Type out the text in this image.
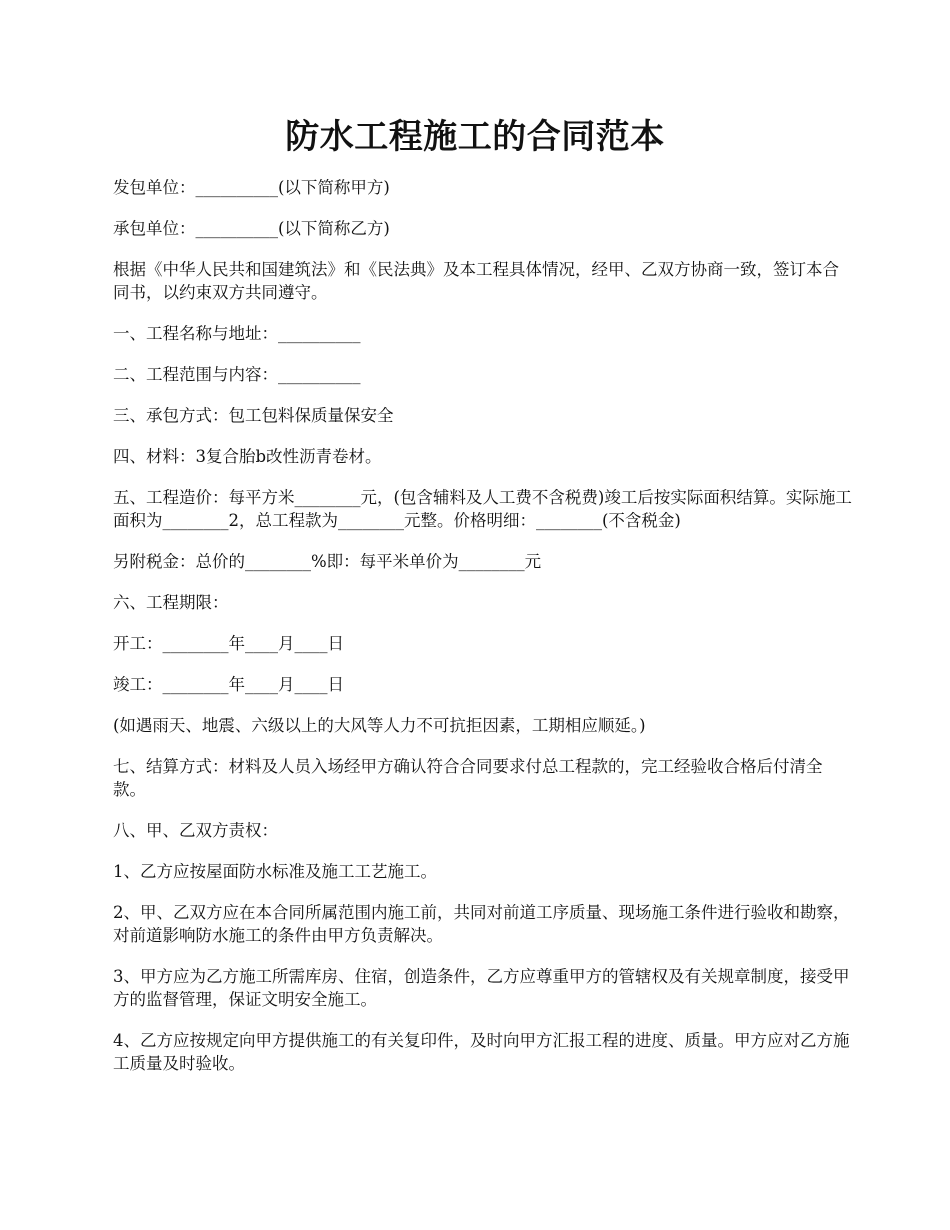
防水工程施工的合同范本

发包单位：__________(以下简称甲方)

承包单位：__________(以下简称乙方)

根据《中华人民共和国建筑法》和《民法典》及本工程具体情况，经甲、乙双方协商一致，签订本合同书，以约束双方共同遵守。

一、工程名称与地址：__________

二、工程范围与内容：__________

三、承包方式：包工包料保质量保安全

四、材料：3复合胎b改性沥青卷材。

五、工程造价：每平方米________元，(包含辅料及人工费不含税费)竣工后按实际面积结算。实际施工面积为________2，总工程款为________元整。价格明细：________(不含税金)

另附税金：总价的________%即：每平米单价为________元

六、工程期限：

开工：________年____月____日

竣工：________年____月____日

(如遇雨天、地震、六级以上的大风等人力不可抗拒因素，工期相应顺延。)

七、结算方式：材料及人员入场经甲方确认符合合同要求付总工程款的，完工经验收合格后付清全款。

八、甲、乙双方责权：

1、乙方应按屋面防水标准及施工工艺施工。

2、甲、乙双方应在本合同所属范围内施工前，共同对前道工序质量、现场施工条件进行验收和勘察，对前道影响防水施工的条件由甲方负责解决。

3、甲方应为乙方施工所需库房、住宿，创造条件，乙方应尊重甲方的管辖权及有关规章制度，接受甲方的监督管理，保证文明安全施工。

4、乙方应按规定向甲方提供施工的有关复印件，及时向甲方汇报工程的进度、质量。甲方应对乙方施工质量及时验收。
